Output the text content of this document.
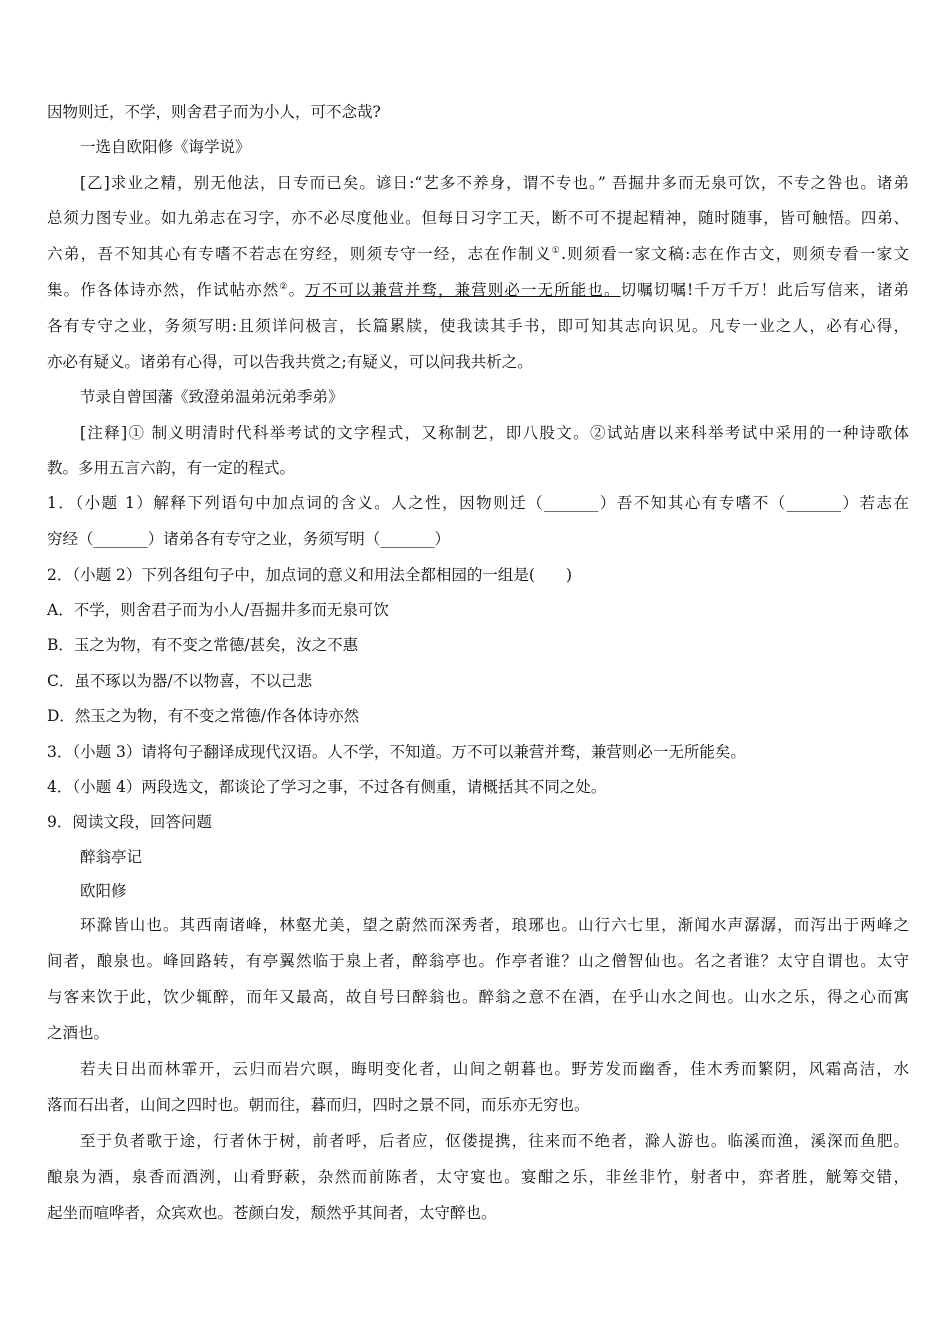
因物则迁，不学，则舍君子而为小人，可不念哉?
一选自欧阳修《诲学说》
[乙]求业之精，别无他法，日专而已矣。谚日:“艺多不养身，谓不专也。” 吾掘井多而无泉可饮，不专之咎也。诸弟
总须力图专业。如九弟志在习字，亦不必尽度他业。但每日习字工天，断不可不提起精神，随时随事，皆可触悟。四弟、
六弟，吾不知其心有专嗜不若志在穷经，则须专守一经，志在作制义①.则须看一家文稿:志在作古文，则须专看一家文
集。作各体诗亦然，作试帖亦然②。万不可以兼营并骛，兼营则必一无所能也。切嘱切嘱!千万千万！此后写信来，诸弟
各有专守之业，务须写明:且须详问极言，长篇累牍，使我读其手书，即可知其志向识见。凡专一业之人，必有心得，
亦必有疑义。诸弟有心得，可以告我共赏之;有疑义，可以问我共析之。
节录自曾国藩《致澄弟温弟沅弟季弟》
[注释]① 制义明清时代科举考试的文字程式，又称制艺，即八股文。②试站唐以来科举考试中采用的一种诗歌体
教。多用五言六韵，有一定的程式。
1．（小题 1）解释下列语句中加点词的含义。人之性，因物则迁（_______）吾不知其心有专嗜不（_______）若志在
穷经（_______）诸弟各有专守之业，务须写明（_______）
2．（小题 2）下列各组句子中，加点词的意义和用法全都相园的一组是(　　)
A．不学，则舍君子而为小人/吾掘井多而无泉可饮
B．玉之为物，有不变之常德/甚矣，汝之不惠
C．虽不琢以为器/不以物喜，不以己悲
D．然玉之为物，有不变之常德/作各体诗亦然
3．（小题 3）请将句子翻译成现代汉语。人不学，不知道。万不可以兼营并骛，兼营则必一无所能矣。
4．（小题 4）两段选文，都谈论了学习之事，不过各有侧重，请概括其不同之处。
9．阅读文段，回答问题
醉翁亭记
欧阳修
环滁皆山也。其西南诸峰，林壑尤美，望之蔚然而深秀者，琅琊也。山行六七里，渐闻水声潺潺，而泻出于两峰之
间者，酿泉也。峰回路转，有亭翼然临于泉上者，醉翁亭也。作亭者谁？山之僧智仙也。名之者谁？太守自谓也。太守
与客来饮于此，饮少辄醉，而年又最高，故自号曰醉翁也。醉翁之意不在酒，在乎山水之间也。山水之乐，得之心而寓
之酒也。
若夫日出而林霏开，云归而岩穴暝，晦明变化者，山间之朝暮也。野芳发而幽香，佳木秀而繁阴，风霜高洁，水
落而石出者，山间之四时也。朝而往，暮而归，四时之景不同，而乐亦无穷也。
至于负者歌于途，行者休于树，前者呼，后者应，伛偻提携，往来而不绝者，滁人游也。临溪而渔，溪深而鱼肥。
酿泉为酒，泉香而酒洌，山肴野蔌，杂然而前陈者，太守宴也。宴酣之乐，非丝非竹，射者中，弈者胜，觥筹交错，
起坐而喧哗者，众宾欢也。苍颜白发，颓然乎其间者，太守醉也。
